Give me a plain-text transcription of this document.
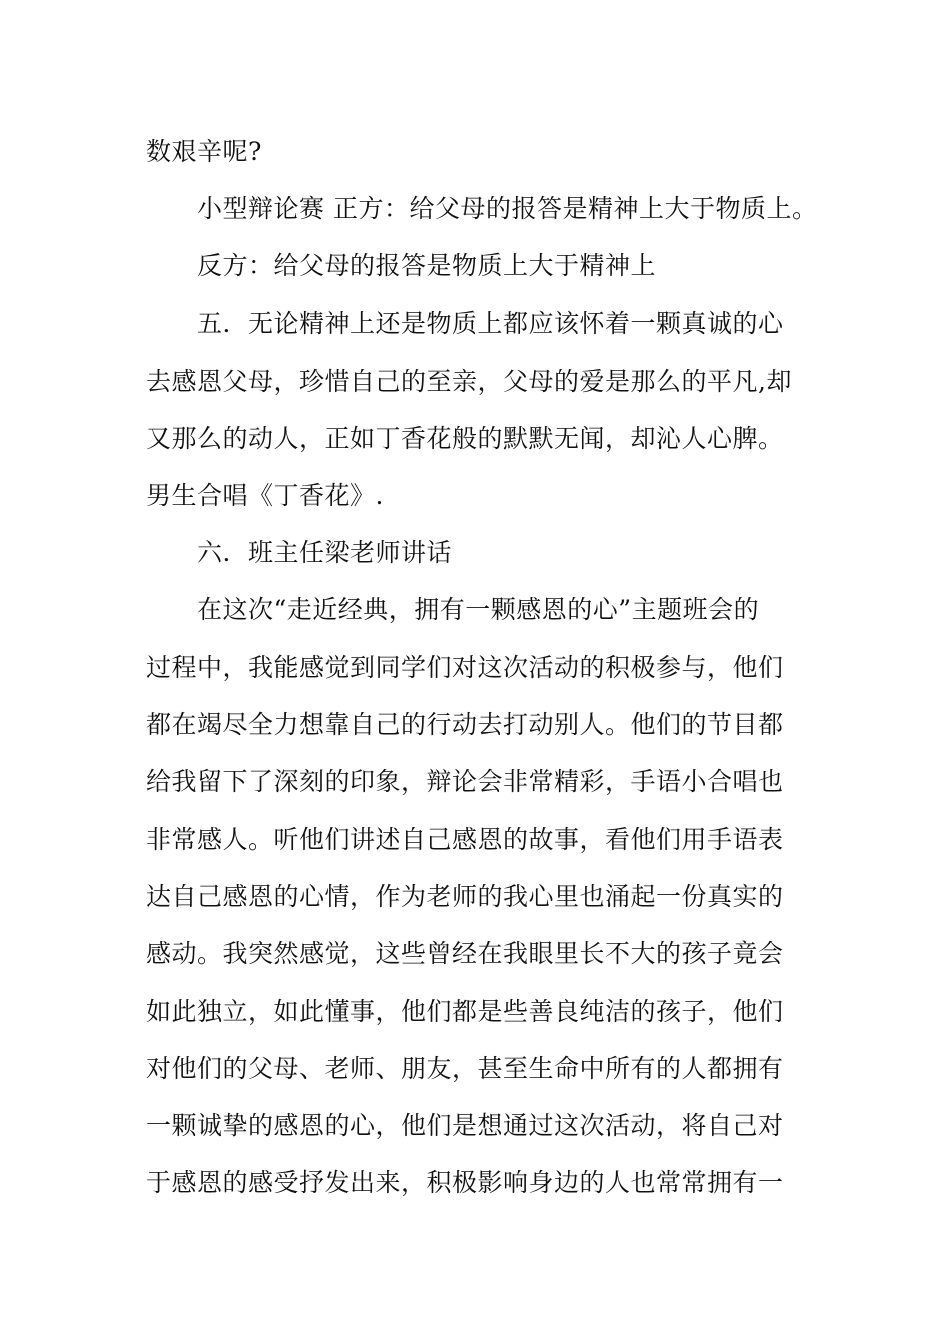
数艰辛呢?
小型辩论赛 正方：给父母的报答是精神上大于物质上。
反方：给父母的报答是物质上大于精神上
五．无论精神上还是物质上都应该怀着一颗真诚的心
去感恩父母，珍惜自己的至亲，父母的爱是那么的平凡,却
又那么的动人，正如丁香花般的默默无闻，却沁人心脾。
男生合唱《丁香花》.
六．班主任梁老师讲话
在这次“走近经典，拥有一颗感恩的心”主题班会的
过程中，我能感觉到同学们对这次活动的积极参与，他们
都在竭尽全力想靠自己的行动去打动别人。他们的节目都
给我留下了深刻的印象，辩论会非常精彩，手语小合唱也
非常感人。听他们讲述自己感恩的故事，看他们用手语表
达自己感恩的心情，作为老师的我心里也涌起一份真实的
感动。我突然感觉，这些曾经在我眼里长不大的孩子竟会
如此独立，如此懂事，他们都是些善良纯洁的孩子，他们
对他们的父母、老师、朋友，甚至生命中所有的人都拥有
一颗诚挚的感恩的心，他们是想通过这次活动，将自己对
于感恩的感受抒发出来，积极影响身边的人也常常拥有一
